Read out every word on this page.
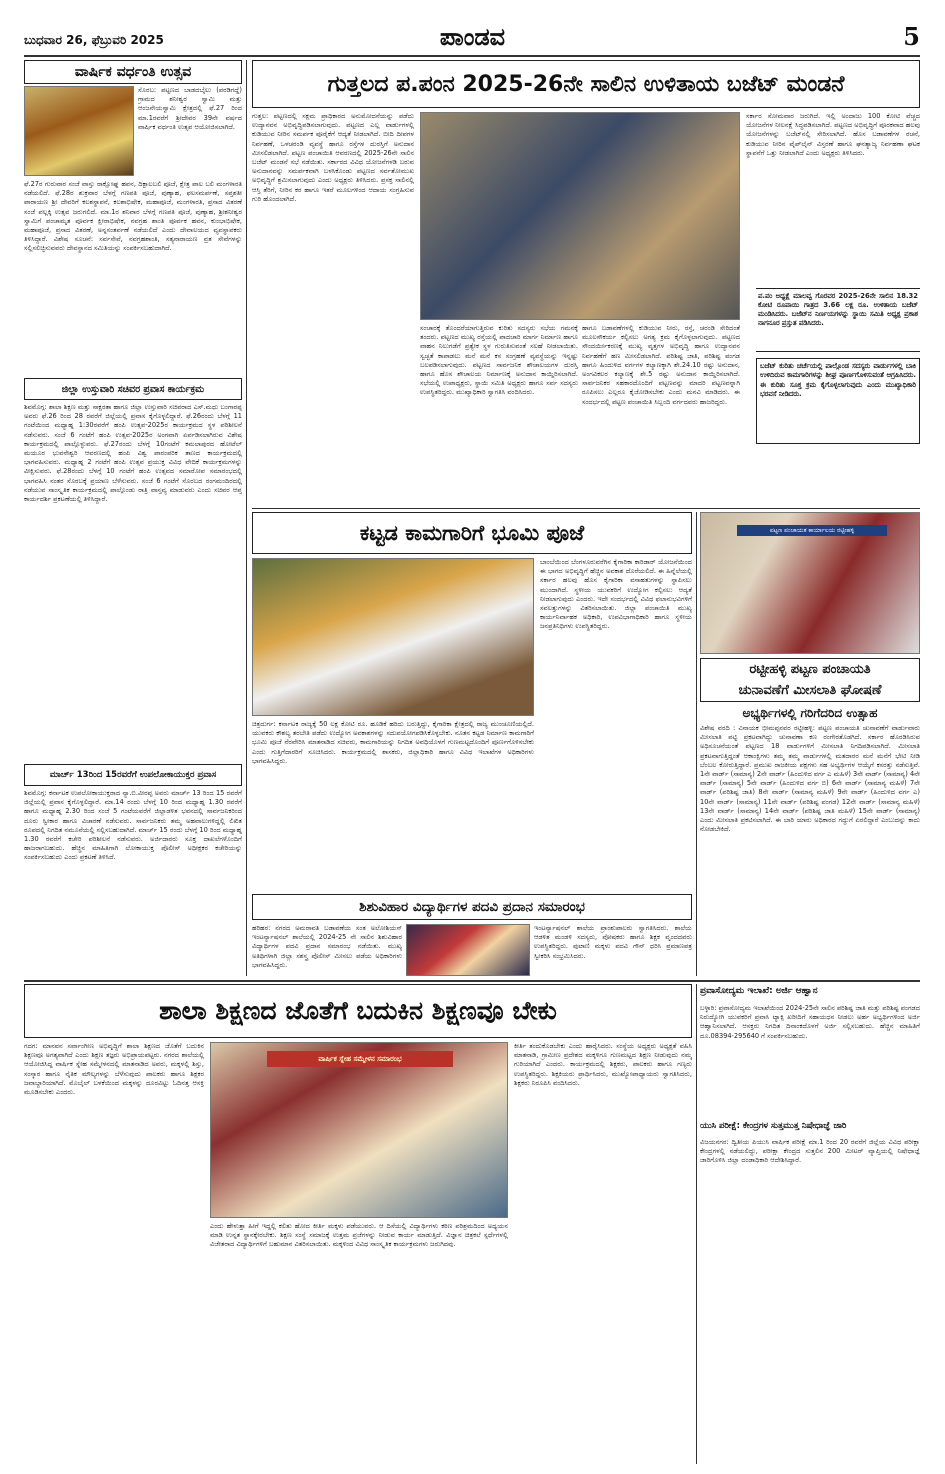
ಬುಧವಾರ 26, ಫೆಬ್ರುವರಿ 2025	ಪಾಂಡವ	5
ವಾರ್ಷಿಕ ವರ್ಧಂತಿ ಉತ್ಸವ
ಸೊರಬ: ಪಟ್ಟಣದ ಬಾಡದಬೈಲು (ಪರಡಿಗದ್ದೆ) ಗ್ರಾಮದ ಶನೀಶ್ವರ ಸ್ವಾಮಿ ಮತ್ತು ಆಂಜನೇಯಸ್ವಾಮಿ ಕ್ಷೇತ್ರದಲ್ಲಿ ಫೆ.27 ರಿಂದ ಮಾ.1ರವರೆಗೆ ಶ್ರೀದೇವರ 39ನೇ ವರ್ಷದ ವಾರ್ಷಿಕ ವರ್ಧಂತಿ ಉತ್ಸವ ಆಯೋಜಿಸಲಾಗಿದೆ.
ಫೆ.27ರ ಗುರುವಾರ ಸಂಜೆ ವಾಸ್ತು ರಾಕ್ಷೋಘ್ನ ಹವನ, ದಿಕ್ಪಾಲಬಲಿ ಪೂಜೆ, ಕ್ಷೇತ್ರ ಪಾಲ ಬಲಿ ಮಂಗಳಾರತಿ ನಡೆಯಲಿದೆ. ಫೆ.28ರ ಶುಕ್ರವಾರ ಬೆಳಗ್ಗೆ ಗಣಪತಿ ಪೂಜೆ, ಪುಣ್ಯಾಹ, ಫಲಸಮರ್ಪಣೆ, ಸಪ್ತಶತೀ ಪಾರಾಯಣ ಶ್ರೀ ದೇವರಿಗೆ ಕಲಶಸ್ಥಾಪನೆ, ಕಲಶಾಭಿಷೇಕ, ಮಹಾಪೂಜೆ, ಮಂಗಳಾರತಿ, ಪ್ರಸಾದ ವಿತರಣೆ ಸಂಜೆ ಪಲ್ಲಕ್ಕಿ ಉತ್ಸವ ಜರುಗಲಿದೆ. ಮಾ.1ರ ಶನಿವಾರ ಬೆಳಗ್ಗೆ ಗಣಪತಿ ಪೂಜೆ, ಪುಣ್ಯಾಹ, ಶ್ರೀಶನೀಶ್ವರ ಸ್ವಾಮಿಗೆ ಪಂಚಾಮೃತ ಪೂರ್ವಕ ಕ್ಷೀರಾಭಿಷೇಕ, ನವಗ್ರಹ ಶಾಂತಿ ಪೂರ್ವಕ ಹವನ, ಕುಂಭಾಭಿಷೇಕ, ಮಹಾಪೂಜೆ, ಪ್ರಸಾದ ವಿತರಣೆ, ಅನ್ನಸಂತರ್ಪಣೆ ನಡೆಯಲಿದೆ ಎಂದು ದೇವಾಲಯದ ವ್ಯವಸ್ಥಾಪಕರು ತಿಳಿಸಿದ್ದಾರೆ. ವಿಶೇಷ ಸೂಚನೆ: ಸರ್ವಸೇವೆ, ನವಗ್ರಹಶಾಂತಿ, ಸತ್ಯನಾರಾಯಣ ವ್ರತ ಸೇವೆಗಳನ್ನು ಸಲ್ಲಿಸಲಿಚ್ಛಿಸುವವರು ದೇವಸ್ಥಾನದ ಸಮಿತಿಯನ್ನು ಸಂಪರ್ಕಿಸಬಹುದಾಗಿದೆ.
ಜಿಲ್ಲಾ ಉಸ್ತುವಾರಿ ಸಚಿವರ ಪ್ರವಾಸ ಕಾರ್ಯಕ್ರಮ
ಶಿವಮೊಗ್ಗ: ಶಾಲಾ ಶಿಕ್ಷಣ ಮತ್ತು ಸಾಕ್ಷರತಾ ಹಾಗೂ ಜಿಲ್ಲಾ ಉಸ್ತುವಾರಿ ಸಚಿವರಾದ ಎಸ್.ಮಧು ಬಂಗಾರಪ್ಪ ಅವರು ಫೆ.26 ರಿಂದ 28 ರವರೆಗೆ ಜಿಲ್ಲೆಯಲ್ಲಿ ಪ್ರವಾಸ ಕೈಗೊಳ್ಳಲಿದ್ದಾರೆ. ಫೆ.26ರಂದು ಬೆಳಗ್ಗೆ 11 ಗಂಟೆಯಿಂದ ಮಧ್ಯಾಹ್ನ 1:30ರವರೆಗೆ ಹಂಪಿ ಉತ್ಸವ-2025ರ ಕಾರ್ಯಕ್ರಮದ ಸ್ಥಳ ಪರಿಶೀಲನೆ ನಡೆಸುವರು. ಸಂಜೆ 6 ಗಂಟೆಗೆ ಹಂಪಿ ಉತ್ಸವ-2025ರ ಅಂಗವಾಗಿ ಏರ್ಪಡಿಸಲಾಗಿರುವ ವಿಶೇಷ ಕಾರ್ಯಕ್ರಮದಲ್ಲಿ ಪಾಲ್ಗೊಳ್ಳುವರು. ಫೆ.27ರಂದು ಬೆಳಗ್ಗೆ 10ಗಂಟೆಗೆ ಕಮಲಾಪುರದ ಹೋಟೆಲ್ ಮಯೂರ ಭುವನೇಶ್ವರಿ ಆವರಣದಲ್ಲಿ ಹಂಪಿ ವಿಶ್ವ ಪಾರಂಪರಿಕ ತಾಣದ ಕಾರ್ಯಕ್ರಮದಲ್ಲಿ ಭಾಗವಹಿಸುವರು. ಮಧ್ಯಾಹ್ನ 2 ಗಂಟೆಗೆ ಹಂಪಿ ಉತ್ಸವ ಪ್ರಯುಕ್ತ ವಿವಿಧ ವೇದಿಕೆ ಕಾರ್ಯಕ್ರಮಗಳನ್ನು ವೀಕ್ಷಿಸುವರು. ಫೆ.28ರಂದು ಬೆಳಗ್ಗೆ 10 ಗಂಟೆಗೆ ಹಂಪಿ ಉತ್ಸವದ ಸಮಾರೋಪ ಸಮಾರಂಭದಲ್ಲಿ ಭಾಗವಹಿಸಿ ನಂತರ ಸೊರಬಕ್ಕೆ ಪ್ರಯಾಣ ಬೆಳೆಸುವರು. ಸಂಜೆ 6 ಗಂಟೆಗೆ ಸೊರಬದ ರಂಗಮಂದಿರದಲ್ಲಿ ನಡೆಯುವ ಸಾಂಸ್ಕೃತಿಕ ಕಾರ್ಯಕ್ರಮದಲ್ಲಿ ಪಾಲ್ಗೊಂಡು ರಾತ್ರಿ ವಾಸ್ತವ್ಯ ಮಾಡುವರು ಎಂದು ಸಚಿವರ ಆಪ್ತ ಕಾರ್ಯದರ್ಶಿ ಪ್ರಕಟಣೆಯಲ್ಲಿ ತಿಳಿಸಿದ್ದಾರೆ.
ಮಾರ್ಚ್ 13ರಿಂದ 15ರವರೆಗೆ ಉಪಲೋಕಾಯುಕ್ತರ ಪ್ರವಾಸ
ಶಿವಮೊಗ್ಗ: ಕರ್ನಾಟಕ ಉಪಲೋಕಾಯುಕ್ತರಾದ ನ್ಯಾ.ಬಿ.ವೀರಪ್ಪ ಅವರು ಮಾರ್ಚ್ 13 ರಿಂದ 15 ರವರೆಗೆ ಜಿಲ್ಲೆಯಲ್ಲಿ ಪ್ರವಾಸ ಕೈಗೊಳ್ಳಲಿದ್ದಾರೆ. ಮಾ.14 ರಂದು ಬೆಳಗ್ಗೆ 10 ರಿಂದ ಮಧ್ಯಾಹ್ನ 1.30 ರವರೆಗೆ ಹಾಗೂ ಮಧ್ಯಾಹ್ನ 2.30 ರಿಂದ ಸಂಜೆ 5 ಗಂಟೆಯವರೆಗೆ ಜಿಲ್ಲಾಡಳಿತ ಭವನದಲ್ಲಿ ಸಾರ್ವಜನಿಕರಿಂದ ದೂರು ಸ್ವೀಕಾರ ಹಾಗೂ ವಿಚಾರಣೆ ನಡೆಸುವರು. ಸಾರ್ವಜನಿಕರು ತಮ್ಮ ಅಹವಾಲುಗಳಿದ್ದಲ್ಲಿ ಲಿಖಿತ ರೂಪದಲ್ಲಿ ನಿಗದಿತ ನಮೂನೆಯಲ್ಲಿ ಸಲ್ಲಿಸಬಹುದಾಗಿದೆ. ಮಾರ್ಚ್ 15 ರಂದು ಬೆಳಗ್ಗೆ 10 ರಿಂದ ಮಧ್ಯಾಹ್ನ 1.30 ರವರೆಗೆ ಕಚೇರಿ ಪರಿಶೀಲನೆ ನಡೆಸುವರು. ಅರ್ಜಿದಾರರು ಸೂಕ್ತ ದಾಖಲೆಗಳೊಂದಿಗೆ ಹಾಜರಾಗಬಹುದು. ಹೆಚ್ಚಿನ ಮಾಹಿತಿಗಾಗಿ ಲೋಕಾಯುಕ್ತ ಪೊಲೀಸ್ ಅಧೀಕ್ಷಕರ ಕಚೇರಿಯನ್ನು ಸಂಪರ್ಕಿಸಬಹುದು ಎಂದು ಪ್ರಕಟಣೆ ತಿಳಿಸಿದೆ.
ಗುತ್ತಲದ ಪ.ಪಂನ 2025-26ನೇ ಸಾಲಿನ ಉಳಿತಾಯ ಬಜೆಟ್ ಮಂಡನೆ
ಗುತ್ತಲ: ಪಟ್ಟಣದಲ್ಲಿ ಸಕ್ಷಮ ಪ್ರಾಧಿಕಾರದ ಅನುಮೋದನೆಯನ್ನು ಪಡೆದು ಉದ್ಯಾನವನ ಅಭಿವೃದ್ಧಿಪಡಿಸಲಾಗುವುದು. ಪಟ್ಟಣದ ಎಲ್ಲ ವಾರ್ಡುಗಳಲ್ಲಿ ಕುಡಿಯುವ ನೀರಿನ ಸಮರ್ಪಕ ಪೂರೈಕೆಗೆ ಆದ್ಯತೆ ನೀಡಲಾಗಿದೆ. ಬೀದಿ ದೀಪಗಳ ನಿರ್ವಹಣೆ, ಒಳಚರಂಡಿ ವ್ಯವಸ್ಥೆ ಹಾಗೂ ರಸ್ತೆಗಳ ದುರಸ್ತಿಗೆ ಅನುದಾನ ಮೀಸಲಿಡಲಾಗಿದೆ. ಪಟ್ಟಣ ಪಂಚಾಯಿತಿ ಆವರಣದಲ್ಲಿ 2025-26ನೇ ಸಾಲಿನ ಬಜೆಟ್ ಮಂಡನೆ ಸಭೆ ನಡೆಯಿತು. ಸರ್ಕಾರದ ವಿವಿಧ ಯೋಜನೆಗಳಡಿ ಬರುವ ಅನುದಾನವನ್ನು ಸಮರ್ಪಕವಾಗಿ ಬಳಸಿಕೊಂಡು ಪಟ್ಟಣದ ಸರ್ವತೋಮುಖ ಅಭಿವೃದ್ಧಿಗೆ ಶ್ರಮಿಸಲಾಗುವುದು ಎಂದು ಅಧ್ಯಕ್ಷರು ತಿಳಿಸಿದರು. ಪ್ರಸಕ್ತ ಸಾಲಿನಲ್ಲಿ ಆಸ್ತಿ ತೆರಿಗೆ, ನೀರಿನ ಕರ ಹಾಗೂ ಇತರೆ ಮೂಲಗಳಿಂದ ಆದಾಯ ಸಂಗ್ರಹಿಸುವ ಗುರಿ ಹೊಂದಲಾಗಿದೆ.
ಸಂಚಾರಕ್ಕೆ ತೊಂದರೆಯಾಗುತ್ತಿರುವ ಕುರಿತು ಸದಸ್ಯರು ಸಭೆಯ ಗಮನಕ್ಕೆ ತಂದರು. ಪಟ್ಟಣದ ಮುಖ್ಯ ರಸ್ತೆಯಲ್ಲಿ ಪಾದಚಾರಿ ಮಾರ್ಗ ನಿರ್ಮಾಣ ಹಾಗೂ ವಾಹನ ನಿಲುಗಡೆಗೆ ಪ್ರತ್ಯೇಕ ಸ್ಥಳ ಗುರುತಿಸುವಂತೆ ಸಲಹೆ ನೀಡಲಾಯಿತು. ಸ್ವಚ್ಛತೆ ಕಾಪಾಡಲು ಮನೆ ಮನೆ ಕಸ ಸಂಗ್ರಹಣೆ ವ್ಯವಸ್ಥೆಯನ್ನು ಇನ್ನಷ್ಟು ಬಲಪಡಿಸಲಾಗುವುದು. ಪಟ್ಟಣದ ಸಾರ್ವಜನಿಕ ಶೌಚಾಲಯಗಳ ದುರಸ್ತಿ ಹಾಗೂ ಹೊಸ ಶೌಚಾಲಯ ನಿರ್ಮಾಣಕ್ಕೆ ಅನುದಾನ ಕಾಯ್ದಿರಿಸಲಾಗಿದೆ. ಸಭೆಯಲ್ಲಿ ಉಪಾಧ್ಯಕ್ಷರು, ಸ್ಥಾಯಿ ಸಮಿತಿ ಅಧ್ಯಕ್ಷರು ಹಾಗೂ ಸರ್ವ ಸದಸ್ಯರು ಉಪಸ್ಥಿತರಿದ್ದರು. ಮುಖ್ಯಾಧಿಕಾರಿ ಸ್ವಾಗತಿಸಿ ವಂದಿಸಿದರು.
ಹಾಗೂ ಬಡಾವಣೆಗಳಲ್ಲಿ ಕುಡಿಯುವ ನೀರು, ರಸ್ತೆ, ಚರಂಡಿ ಸೇರಿದಂತೆ ಮೂಲಸೌಕರ್ಯ ಕಲ್ಪಿಸಲು ಅಗತ್ಯ ಕ್ರಮ ಕೈಗೊಳ್ಳಲಾಗುವುದು. ಪಟ್ಟಣದ ಸೌಂದರ್ಯೀಕರಣಕ್ಕೆ ಮುಖ್ಯ ವೃತ್ತಗಳ ಅಭಿವೃದ್ಧಿ ಹಾಗೂ ಉದ್ಯಾನವನ ನಿರ್ವಹಣೆಗೆ ಹಣ ಮೀಸಲಿಡಲಾಗಿದೆ. ಪರಿಶಿಷ್ಟ ಜಾತಿ, ಪರಿಶಿಷ್ಟ ಪಂಗಡ ಹಾಗೂ ಹಿಂದುಳಿದ ವರ್ಗಗಳ ಕಲ್ಯಾಣಕ್ಕಾಗಿ ಶೇ.24.10 ರಷ್ಟು ಅನುದಾನ, ಅಂಗವಿಕಲರ ಕಲ್ಯಾಣಕ್ಕೆ ಶೇ.5 ರಷ್ಟು ಅನುದಾನ ಕಾಯ್ದಿರಿಸಲಾಗಿದೆ. ಸಾರ್ವಜನಿಕರ ಸಹಕಾರದೊಂದಿಗೆ ಪಟ್ಟಣವನ್ನು ಮಾದರಿ ಪಟ್ಟಣವನ್ನಾಗಿ ರೂಪಿಸಲು ಎಲ್ಲರೂ ಕೈಜೋಡಿಸಬೇಕು ಎಂದು ಮನವಿ ಮಾಡಿದರು. ಈ ಸಂದರ್ಭದಲ್ಲಿ ಪಟ್ಟಣ ಪಂಚಾಯಿತಿ ಸಿಬ್ಬಂದಿ ವರ್ಗದವರು ಹಾಜರಿದ್ದರು.
ಸರ್ಕಾರ ಸೋಮವಾರ ಜರುಗಿದೆ. ಇಲ್ಲಿ ಅಂದಾಜು 100 ಕೋಟಿ ವೆಚ್ಚದ ಯೋಜನೆಗಳ ನೀಲನಕ್ಷೆ ಸಿದ್ಧಪಡಿಸಲಾಗಿದೆ. ಪಟ್ಟಣದ ಅಭಿವೃದ್ಧಿಗೆ ಪೂರಕವಾದ ಹಲವು ಯೋಜನೆಗಳನ್ನು ಬಜೆಟ್‌ನಲ್ಲಿ ಸೇರಿಸಲಾಗಿದೆ. ಹೊಸ ಬಡಾವಣೆಗಳ ರಚನೆ, ಕುಡಿಯುವ ನೀರಿನ ಪೈಪ್‌ಲೈನ್ ವಿಸ್ತರಣೆ ಹಾಗೂ ಘನತ್ಯಾಜ್ಯ ನಿರ್ವಹಣಾ ಘಟಕ ಸ್ಥಾಪನೆಗೆ ಒತ್ತು ನೀಡಲಾಗಿದೆ ಎಂದು ಅಧ್ಯಕ್ಷರು ತಿಳಿಸಿದರು.
ಪ.ಪಂ ಅಧ್ಯಕ್ಷೆ ಮಾಲವ್ವ ಗೊರವರ 2025-26ನೇ ಸಾಲಿನ 18.32 ಕೋಟಿ ರೂಪಾಯಿ ಗಾತ್ರದ 3.66 ಲಕ್ಷ ರೂ. ಉಳಿತಾಯ ಬಜೆಟ್ ಮಂಡಿಸಿದರು. ಬಜೆಟ್‌ನ ನಿರ್ಣಯಗಳನ್ನು ಸ್ಥಾಯಿ ಸಮಿತಿ ಅಧ್ಯಕ್ಷ ಪ್ರಕಾಶ ನಾಗನೂರ ಪ್ರಸ್ತುತ ಪಡಿಸಿದರು.
ಬಜೆಟ್ ಕುರಿತು ಚರ್ಚೆಯಲ್ಲಿ ಪಾಲ್ಗೊಂಡ ಸದಸ್ಯರು ವಾರ್ಡುಗಳಲ್ಲಿ ಬಾಕಿ ಉಳಿದಿರುವ ಕಾಮಗಾರಿಗಳನ್ನು ಶೀಘ್ರ ಪೂರ್ಣಗೊಳಿಸುವಂತೆ ಆಗ್ರಹಿಸಿದರು. ಈ ಕುರಿತು ಸೂಕ್ತ ಕ್ರಮ ಕೈಗೊಳ್ಳಲಾಗುವುದು ಎಂದು ಮುಖ್ಯಾಧಿಕಾರಿ ಭರವಸೆ ನೀಡಿದರು.
ಕಟ್ಟಡ ಕಾಮಗಾರಿಗೆ ಭೂಮಿ ಪೂಜೆ
ಚಿತ್ರದುರ್ಗ: ಕರ್ನಾಟಕ ರಾಜ್ಯಕ್ಕೆ 50 ಲಕ್ಷ ಕೋಟಿ ರೂ. ಹೂಡಿಕೆ ಹರಿದು ಬರುತ್ತಿದ್ದು, ಕೈಗಾರಿಕಾ ಕ್ಷೇತ್ರದಲ್ಲಿ ರಾಜ್ಯ ಮುಂಚೂಣಿಯಲ್ಲಿದೆ. ಯುವಕರು ಕೌಶಲ್ಯ ತರಬೇತಿ ಪಡೆದು ಉದ್ಯೋಗ ಅವಕಾಶಗಳನ್ನು ಸದುಪಯೋಗಪಡಿಸಿಕೊಳ್ಳಬೇಕು. ನೂತನ ಕಟ್ಟಡ ನಿರ್ಮಾಣ ಕಾಮಗಾರಿಗೆ ಭೂಮಿ ಪೂಜೆ ನೆರವೇರಿಸಿ ಮಾತನಾಡಿದ ಸಚಿವರು, ಕಾಮಗಾರಿಯನ್ನು ನಿಗದಿತ ಅವಧಿಯೊಳಗೆ ಗುಣಮಟ್ಟದೊಂದಿಗೆ ಪೂರ್ಣಗೊಳಿಸಬೇಕು ಎಂದು ಗುತ್ತಿಗೆದಾರರಿಗೆ ಸೂಚಿಸಿದರು. ಕಾರ್ಯಕ್ರಮದಲ್ಲಿ ಶಾಸಕರು, ಜಿಲ್ಲಾಧಿಕಾರಿ ಹಾಗೂ ವಿವಿಧ ಇಲಾಖೆಗಳ ಅಧಿಕಾರಿಗಳು ಭಾಗವಹಿಸಿದ್ದರು.
ಬಾಂಬೆಯಿಂದ ಬೆಂಗಳೂರುವರೆಗಿನ ಕೈಗಾರಿಕಾ ಕಾರಿಡಾರ್ ಯೋಜನೆಯಿಂದ ಈ ಭಾಗದ ಅಭಿವೃದ್ಧಿಗೆ ಹೆಚ್ಚಿನ ಅವಕಾಶ ದೊರೆಯಲಿದೆ. ಈ ಹಿನ್ನೆಲೆಯಲ್ಲಿ ಸರ್ಕಾರ ಹಲವು ಹೊಸ ಕೈಗಾರಿಕಾ ವಸಾಹತುಗಳನ್ನು ಸ್ಥಾಪಿಸಲು ಮುಂದಾಗಿದೆ. ಸ್ಥಳೀಯ ಯುವಕರಿಗೆ ಉದ್ಯೋಗ ಕಲ್ಪಿಸಲು ಆದ್ಯತೆ ನೀಡಲಾಗುವುದು ಎಂದರು. ಇದೇ ಸಂದರ್ಭದಲ್ಲಿ ವಿವಿಧ ಫಲಾನುಭವಿಗಳಿಗೆ ಸವಲತ್ತುಗಳನ್ನು ವಿತರಿಸಲಾಯಿತು. ಜಿಲ್ಲಾ ಪಂಚಾಯಿತಿ ಮುಖ್ಯ ಕಾರ್ಯನಿರ್ವಾಹಕ ಅಧಿಕಾರಿ, ಉಪವಿಭಾಗಾಧಿಕಾರಿ ಹಾಗೂ ಸ್ಥಳೀಯ ಜನಪ್ರತಿನಿಧಿಗಳು ಉಪಸ್ಥಿತರಿದ್ದರು.
ಪಟ್ಟಣ ಪಂಚಾಯತ ಕಾರ್ಯಾಲಯ ರಟ್ಟೀಹಳ್ಳಿ
ರಟ್ಟೀಹಳ್ಳಿ ಪಟ್ಟಣ ಪಂಚಾಯತಿ
ಚುನಾವಣೆಗೆ ಮೀಸಲಾತಿ ಘೋಷಣೆ
ಅಭ್ಯರ್ಥಿಗಳಲ್ಲಿ ಗರಿಗೆದರಿದ ಉತ್ಸಾಹ
ವಿಶೇಷ ವರದಿ : ವಿನಾಯಕ ಭೀಮಪ್ಪನವರ ರಟ್ಟೀಹಳ್ಳಿ: ಪಟ್ಟಣ ಪಂಚಾಯತಿ ಚುನಾವಣೆಗೆ ವಾರ್ಡುವಾರು ಮೀಸಲಾತಿ ಪಟ್ಟಿ ಪ್ರಕಟವಾಗಿದ್ದು ಚುನಾವಣಾ ಕಣ ರಂಗೇರತೊಡಗಿದೆ. ಸರ್ಕಾರ ಹೊರಡಿಸಿರುವ ಅಧಿಸೂಚನೆಯಂತೆ ಪಟ್ಟಣದ 18 ವಾರ್ಡುಗಳಿಗೆ ಮೀಸಲಾತಿ ನಿಗದಿಪಡಿಸಲಾಗಿದೆ. ಮೀಸಲಾತಿ ಪ್ರಕಟವಾಗುತ್ತಿದ್ದಂತೆ ಆಕಾಂಕ್ಷಿಗಳು ತಮ್ಮ ತಮ್ಮ ವಾರ್ಡುಗಳಲ್ಲಿ ಮತದಾರರ ಮನೆ ಮನೆಗೆ ಭೇಟಿ ನೀಡಿ ಬೆಂಬಲ ಕೋರುತ್ತಿದ್ದಾರೆ. ಪ್ರಮುಖ ರಾಜಕೀಯ ಪಕ್ಷಗಳು ಸಹ ಅಭ್ಯರ್ಥಿಗಳ ಆಯ್ಕೆಗೆ ಕಸರತ್ತು ನಡೆಸುತ್ತಿವೆ. 1ನೇ ವಾರ್ಡ್ (ಸಾಮಾನ್ಯ) 2ನೇ ವಾರ್ಡ್ (ಹಿಂದುಳಿದ ವರ್ಗ ಎ ಮಹಿಳೆ) 3ನೇ ವಾರ್ಡ್ (ಸಾಮಾನ್ಯ) 4ನೇ ವಾರ್ಡ್ (ಸಾಮಾನ್ಯ) 5ನೇ ವಾರ್ಡ್ (ಹಿಂದುಳಿದ ವರ್ಗ ಬಿ) 6ನೇ ವಾರ್ಡ್ (ಸಾಮಾನ್ಯ ಮಹಿಳೆ) 7ನೇ ವಾರ್ಡ್ (ಪರಿಶಿಷ್ಟ ಜಾತಿ) 8ನೇ ವಾರ್ಡ್ (ಸಾಮಾನ್ಯ ಮಹಿಳೆ) 9ನೇ ವಾರ್ಡ್ (ಹಿಂದುಳಿದ ವರ್ಗ ಎ) 10ನೇ ವಾರ್ಡ್ (ಸಾಮಾನ್ಯ) 11ನೇ ವಾರ್ಡ್ (ಪರಿಶಿಷ್ಟ ಪಂಗಡ) 12ನೇ ವಾರ್ಡ್ (ಸಾಮಾನ್ಯ ಮಹಿಳೆ) 13ನೇ ವಾರ್ಡ್ (ಸಾಮಾನ್ಯ) 14ನೇ ವಾರ್ಡ್ (ಪರಿಶಿಷ್ಟ ಜಾತಿ ಮಹಿಳೆ) 15ನೇ ವಾರ್ಡ್ (ಸಾಮಾನ್ಯ) ಎಂದು ಮೀಸಲಾತಿ ಪ್ರಕಟಿಸಲಾಗಿದೆ. ಈ ಬಾರಿ ಯಾರು ಅಧಿಕಾರದ ಗದ್ದುಗೆ ಏರಲಿದ್ದಾರೆ ಎಂಬುದನ್ನು ಕಾದು ನೋಡಬೇಕಿದೆ.
ಶಿಶುವಿಹಾರ ವಿದ್ಯಾರ್ಥಿಗಳ ಪದವಿ ಪ್ರದಾನ ಸಮಾರಂಭ
ಹರಿಹರ: ನಗರದ ಅಮರಾವತಿ ಬಡಾವಣೆಯ ಸಂತ ಅಲೋಶಿಯಸ್ ಇಂಟರ್ನ್ಯಾಷನಲ್ ಶಾಲೆಯಲ್ಲಿ 2024-25 ನೇ ಸಾಲಿನ ಶಿಶುವಿಹಾರ ವಿದ್ಯಾರ್ಥಿಗಳ ಪದವಿ ಪ್ರದಾನ ಸಮಾರಂಭ ನಡೆಯಿತು. ಮುಖ್ಯ ಅತಿಥಿಗಳಾಗಿ ಜಿಲ್ಲಾ ಸಶಸ್ತ್ರ ಪೊಲೀಸ್ ಮೀಸಲು ಪಡೆಯ ಅಧಿಕಾರಿಗಳು ಭಾಗವಹಿಸಿದ್ದರು.
ಇಂಟರ್ನ್ಯಾಷನಲ್ ಶಾಲೆಯ ಪ್ರಾಂಶುಪಾಲರು ಸ್ವಾಗತಿಸಿದರು. ಶಾಲೆಯ ಆಡಳಿತ ಮಂಡಳಿ ಸದಸ್ಯರು, ಪೋಷಕರು ಹಾಗೂ ಶಿಕ್ಷಕ ವೃಂದದವರು ಉಪಸ್ಥಿತರಿದ್ದರು. ಪುಟಾಣಿ ಮಕ್ಕಳು ಪದವಿ ಗೌನ್ ಧರಿಸಿ ಪ್ರಮಾಣಪತ್ರ ಸ್ವೀಕರಿಸಿ ಸಂಭ್ರಮಿಸಿದರು.
ಶಾಲಾ ಶಿಕ್ಷಣದ ಜೊತೆಗೆ ಬದುಕಿನ ಶಿಕ್ಷಣವೂ ಬೇಕು
ಗದಗ: ಮಾನವನ ಸರ್ವಾಂಗೀಣ ಅಭಿವೃದ್ಧಿಗೆ ಶಾಲಾ ಶಿಕ್ಷಣದ ಜೊತೆಗೆ ಬದುಕಿನ ಶಿಕ್ಷಣವೂ ಅಗತ್ಯವಾಗಿದೆ ಎಂದು ಶಿಕ್ಷಣ ತಜ್ಞರು ಅಭಿಪ್ರಾಯಪಟ್ಟರು. ನಗರದ ಶಾಲೆಯಲ್ಲಿ ಆಯೋಜಿಸಿದ್ದ ವಾರ್ಷಿಕ ಸ್ನೇಹ ಸಮ್ಮೇಳನದಲ್ಲಿ ಮಾತನಾಡಿದ ಅವರು, ಮಕ್ಕಳಲ್ಲಿ ಶಿಸ್ತು, ಸಂಸ್ಕಾರ ಹಾಗೂ ನೈತಿಕ ಮೌಲ್ಯಗಳನ್ನು ಬೆಳೆಸುವುದು ಪಾಲಕರು ಹಾಗೂ ಶಿಕ್ಷಕರ ಜವಾಬ್ದಾರಿಯಾಗಿದೆ. ಮೊಬೈಲ್ ಬಳಕೆಯಿಂದ ಮಕ್ಕಳನ್ನು ದೂರವಿಟ್ಟು ಓದಿನತ್ತ ಆಸಕ್ತಿ ಮೂಡಿಸಬೇಕು ಎಂದರು.
ವಾರ್ಷಿಕ ಸ್ನೇಹ ಸಮ್ಮೇಳನ ಸಮಾರಂಭ
ಎಂದು ಹೇಳುತ್ತಾ ಹೀಗೆ ಇದ್ದಲ್ಲಿ ಕಲಿತು ಹೋದ ಕೀರ್ತಿ ಮಕ್ಕಳು ಪಡೆಯುವರು. ಆ ದಿಸೆಯಲ್ಲಿ ವಿದ್ಯಾರ್ಥಿಗಳು ಕಠಿಣ ಪರಿಶ್ರಮದಿಂದ ಅಧ್ಯಯನ ಮಾಡಿ ಉನ್ನತ ಸ್ಥಾನಕ್ಕೇರಬೇಕು. ಶಿಕ್ಷಣ ಸಂಸ್ಥೆ ಸಮಾಜಕ್ಕೆ ಉತ್ತಮ ಪ್ರಜೆಗಳನ್ನು ನೀಡುವ ಕಾರ್ಯ ಮಾಡುತ್ತಿದೆ. ವಿಜ್ಞಾನ ಚಿತ್ರಕಲೆ ಸ್ಪರ್ಧೆಗಳಲ್ಲಿ ವಿಜೇತರಾದ ವಿದ್ಯಾರ್ಥಿಗಳಿಗೆ ಬಹುಮಾನ ವಿತರಿಸಲಾಯಿತು. ಮಕ್ಕಳಿಂದ ವಿವಿಧ ಸಾಂಸ್ಕೃತಿಕ ಕಾರ್ಯಕ್ರಮಗಳು ಜರುಗಿದವು.
ಕೀರ್ತಿ ತಂದುಕೊಡಬೇಕು ಎಂದು ಹಾರೈಸಿದರು. ಸಂಸ್ಥೆಯ ಅಧ್ಯಕ್ಷರು ಅಧ್ಯಕ್ಷತೆ ವಹಿಸಿ ಮಾತನಾಡಿ, ಗ್ರಾಮೀಣ ಪ್ರದೇಶದ ಮಕ್ಕಳಿಗೂ ಗುಣಮಟ್ಟದ ಶಿಕ್ಷಣ ನೀಡುವುದು ನಮ್ಮ ಗುರಿಯಾಗಿದೆ ಎಂದರು. ಕಾರ್ಯಕ್ರಮದಲ್ಲಿ ಶಿಕ್ಷಕರು, ಪಾಲಕರು ಹಾಗೂ ಗಣ್ಯರು ಉಪಸ್ಥಿತರಿದ್ದರು. ಶಿಕ್ಷಕಿಯರು ಪ್ರಾರ್ಥಿಸಿದರು, ಮುಖ್ಯೋಪಾಧ್ಯಾಯರು ಸ್ವಾಗತಿಸಿದರು, ಶಿಕ್ಷಕರು ನಿರೂಪಿಸಿ ವಂದಿಸಿದರು.
ಪ್ರವಾಸೋದ್ಯಮ ಇಲಾಖೆ: ಅರ್ಜಿ ಆಹ್ವಾನ
ಬಳ್ಳಾರಿ: ಪ್ರವಾಸೋದ್ಯಮ ಇಲಾಖೆಯಿಂದ 2024-25ನೇ ಸಾಲಿನ ಪರಿಶಿಷ್ಟ ಜಾತಿ ಮತ್ತು ಪರಿಶಿಷ್ಟ ಪಂಗಡದ ನಿರುದ್ಯೋಗಿ ಯುವಕರಿಗೆ ಪ್ರವಾಸಿ ಟ್ಯಾಕ್ಸಿ ಖರೀದಿಗೆ ಸಹಾಯಧನ ನೀಡಲು ಅರ್ಹ ಅಭ್ಯರ್ಥಿಗಳಿಂದ ಅರ್ಜಿ ಆಹ್ವಾನಿಸಲಾಗಿದೆ. ಆಸಕ್ತರು ನಿಗದಿತ ದಿನಾಂಕದೊಳಗೆ ಅರ್ಜಿ ಸಲ್ಲಿಸಬಹುದು. ಹೆಚ್ಚಿನ ಮಾಹಿತಿಗೆ ದೂ.08394-295640 ಗೆ ಸಂಪರ್ಕಿಸಬಹುದು.
ಯುಸಿ ಪರೀಕ್ಷೆ: ಕೇಂದ್ರಗಳ ಸುತ್ತಮುತ್ತ ನಿಷೇಧಾಜ್ಞೆ ಜಾರಿ
ವಿಜಯನಗರ: ದ್ವಿತೀಯ ಪಿಯುಸಿ ವಾರ್ಷಿಕ ಪರೀಕ್ಷೆ ಮಾ.1 ರಿಂದ 20 ರವರೆಗೆ ಜಿಲ್ಲೆಯ ವಿವಿಧ ಪರೀಕ್ಷಾ ಕೇಂದ್ರಗಳಲ್ಲಿ ನಡೆಯಲಿದ್ದು, ಪರೀಕ್ಷಾ ಕೇಂದ್ರದ ಸುತ್ತಲಿನ 200 ಮೀಟರ್ ವ್ಯಾಪ್ತಿಯಲ್ಲಿ ನಿಷೇಧಾಜ್ಞೆ ಜಾರಿಗೊಳಿಸಿ ಜಿಲ್ಲಾ ದಂಡಾಧಿಕಾರಿ ಆದೇಶಿಸಿದ್ದಾರೆ.
